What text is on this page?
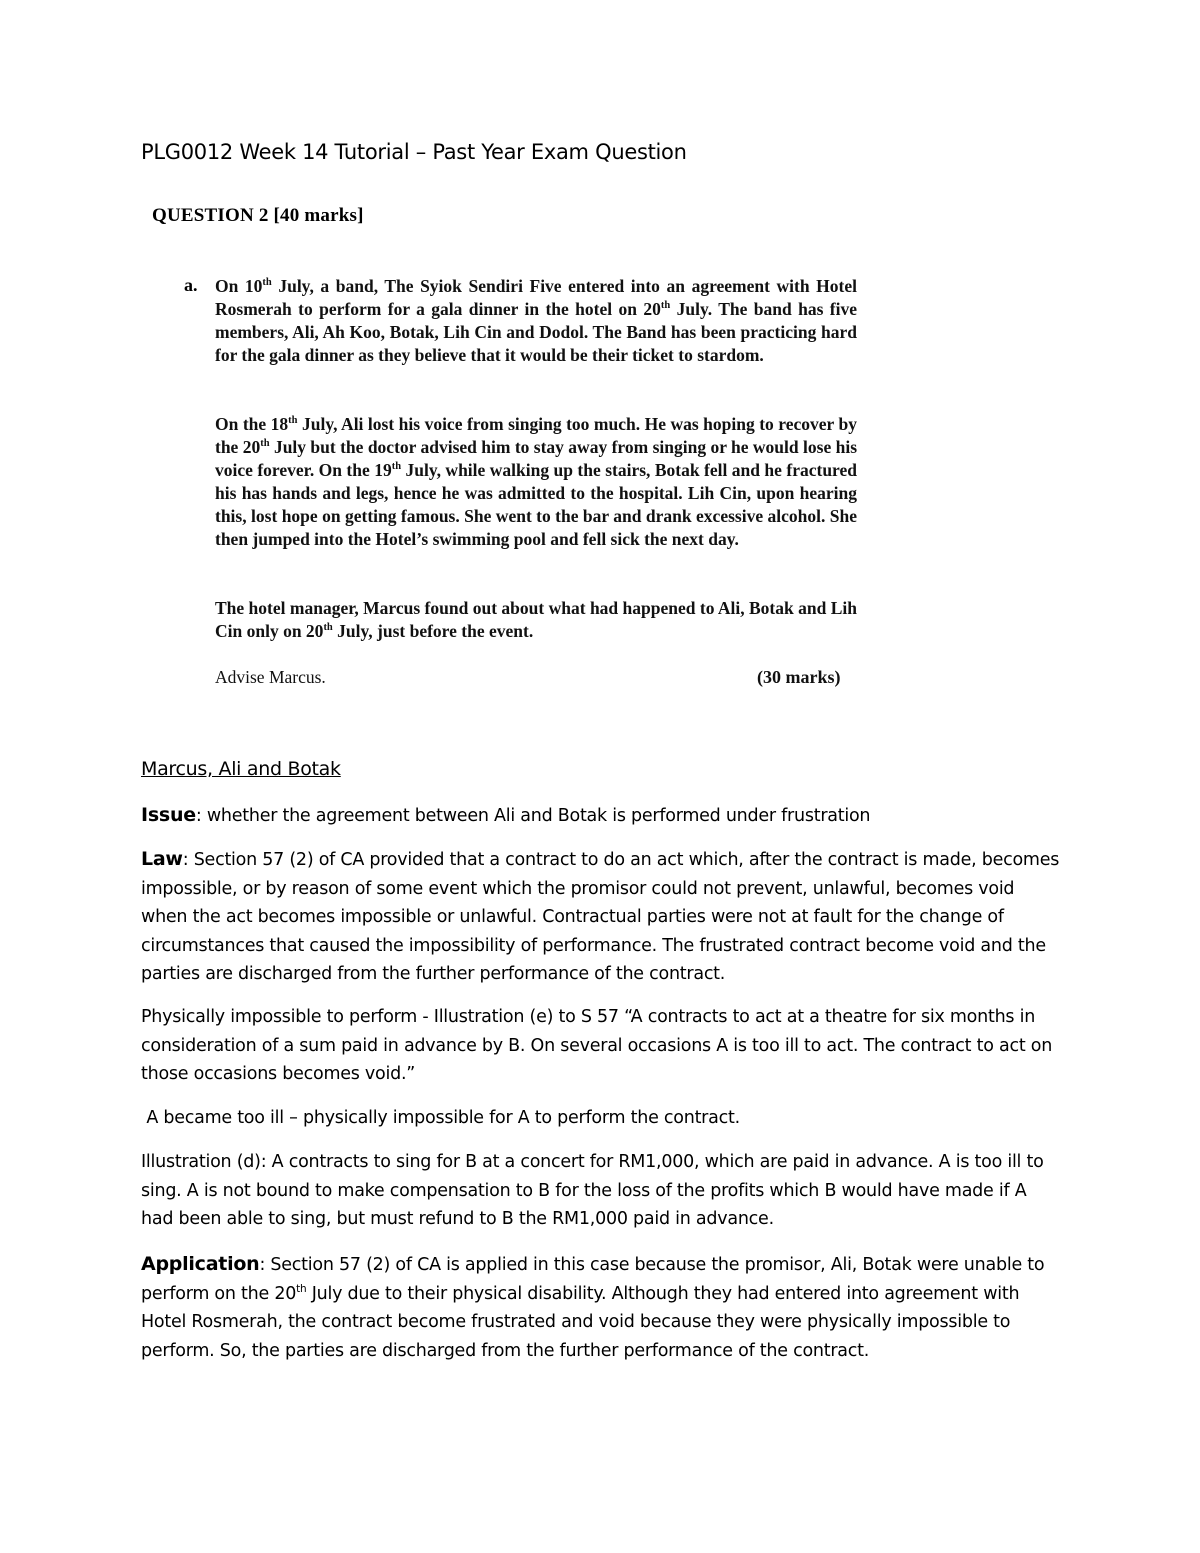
PLG0012 Week 14 Tutorial – Past Year Exam Question
QUESTION 2 [40 marks]
a. On 10th July, a band, The Syiok Sendiri Five entered into an agreement with Hotel Rosmerah to perform for a gala dinner in the hotel on 20th July. The band has five members, Ali, Ah Koo, Botak, Lih Cin and Dodol. The Band has been practicing hard for the gala dinner as they believe that it would be their ticket to stardom.
On the 18th July, Ali lost his voice from singing too much. He was hoping to recover by the 20th July but the doctor advised him to stay away from singing or he would lose his voice forever. On the 19th July, while walking up the stairs, Botak fell and he fractured his has hands and legs, hence he was admitted to the hospital. Lih Cin, upon hearing this, lost hope on getting famous. She went to the bar and drank excessive alcohol. She then jumped into the Hotel’s swimming pool and fell sick the next day.
The hotel manager, Marcus found out about what had happened to Ali, Botak and Lih Cin only on 20th July, just before the event.
Advise Marcus.	(30 marks)
Marcus, Ali and Botak
Issue: whether the agreement between Ali and Botak is performed under frustration
Law: Section 57 (2) of CA provided that a contract to do an act which, after the contract is made, becomes impossible, or by reason of some event which the promisor could not prevent, unlawful, becomes void when the act becomes impossible or unlawful. Contractual parties were not at fault for the change of circumstances that caused the impossibility of performance. The frustrated contract become void and the parties are discharged from the further performance of the contract.
Physically impossible to perform - Illustration (e) to S 57 “A contracts to act at a theatre for six months in consideration of a sum paid in advance by B. On several occasions A is too ill to act. The contract to act on those occasions becomes void.”
A became too ill – physically impossible for A to perform the contract.
Illustration (d): A contracts to sing for B at a concert for RM1,000, which are paid in advance. A is too ill to sing. A is not bound to make compensation to B for the loss of the profits which B would have made if A had been able to sing, but must refund to B the RM1,000 paid in advance.
Application: Section 57 (2) of CA is applied in this case because the promisor, Ali, Botak were unable to perform on the 20th July due to their physical disability. Although they had entered into agreement with Hotel Rosmerah, the contract become frustrated and void because they were physically impossible to perform. So, the parties are discharged from the further performance of the contract.
